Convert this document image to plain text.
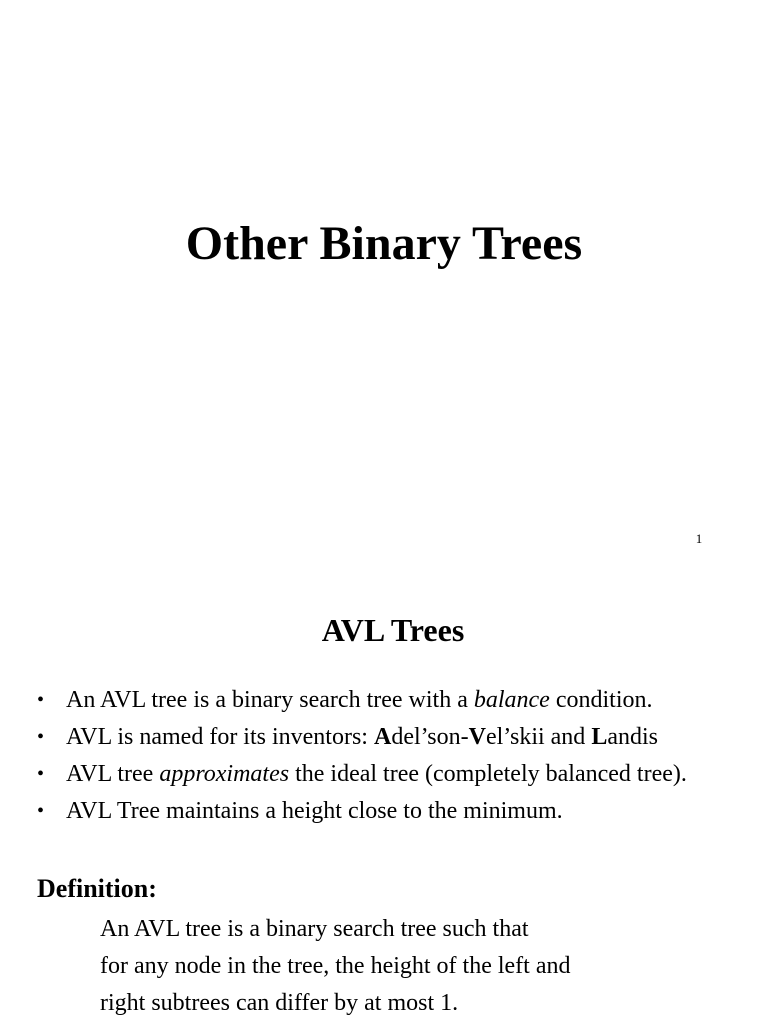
Other Binary Trees
1
AVL Trees
• An AVL tree is a binary search tree with a balance condition.
• AVL is named for its inventors: Adel’son-Vel’skii and Landis
• AVL tree approximates the ideal tree (completely balanced tree).
• AVL Tree maintains a height close to the minimum.
Definition:
An AVL tree is a binary search tree such that
for any node in the tree, the height of the left and
right subtrees can differ by at most 1.
